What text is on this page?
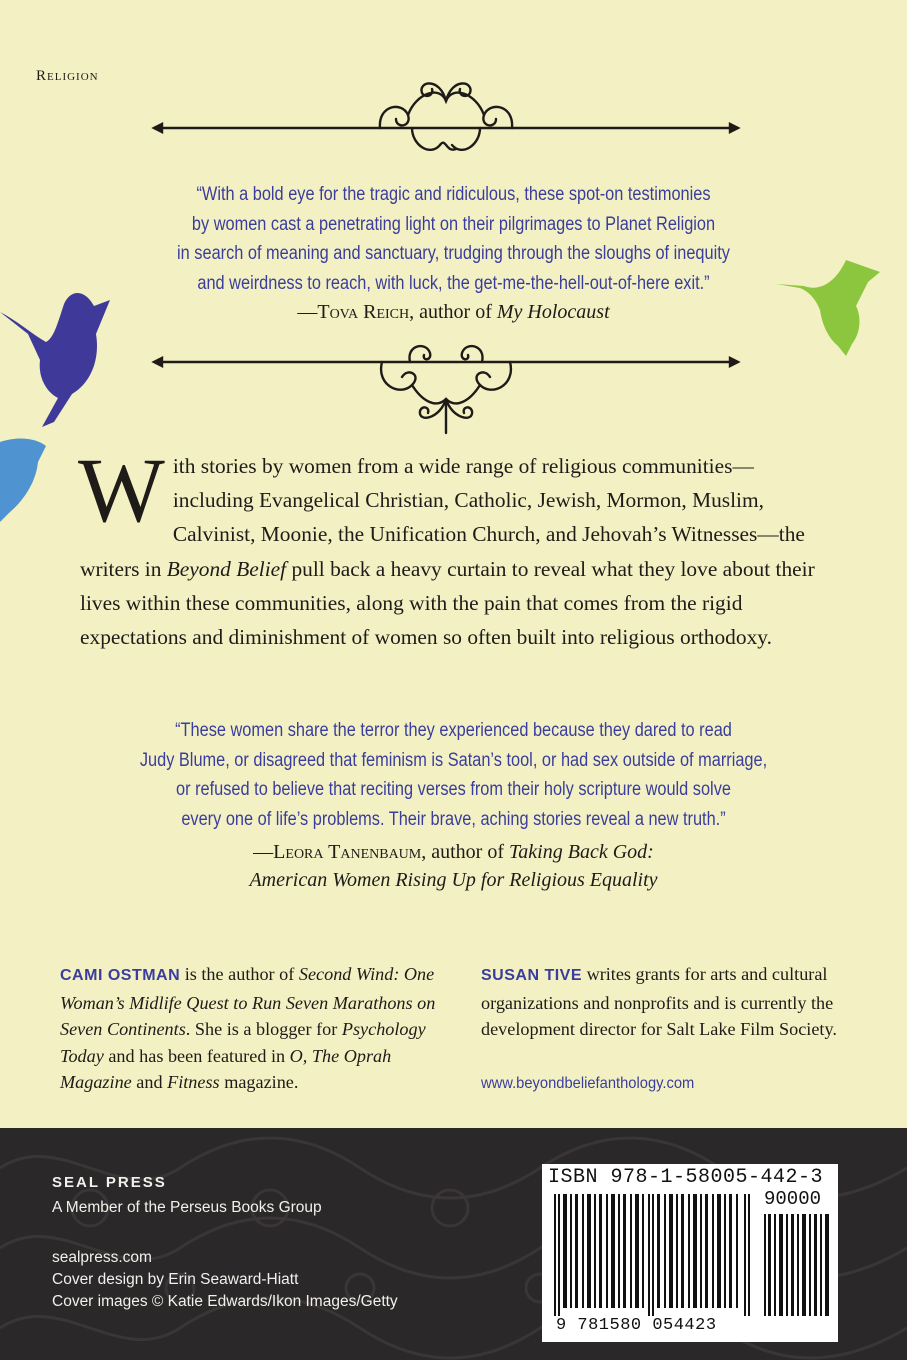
Religion
“With a bold eye for the tragic and ridiculous, these spot-on testimonies
by women cast a penetrating light on their pilgrimages to Planet Religion
in search of meaning and sanctuary, trudging through the sloughs of inequity
and weirdness to reach, with luck, the get-me-the-hell-out-of-here exit.”
—Tova Reich, author of My Holocaust
With stories by women from a wide range of religious communities—including Evangelical Christian, Catholic, Jewish, Mormon, Muslim, Calvinist, Moonie, the Unification Church, and Jehovah’s Witnesses—the writers in Beyond Belief pull back a heavy curtain to reveal what they love about their lives within these communities, along with the pain that comes from the rigid expectations and diminishment of women so often built into religious orthodoxy.
“These women share the terror they experienced because they dared to read
Judy Blume, or disagreed that feminism is Satan’s tool, or had sex outside of marriage,
or refused to believe that reciting verses from their holy scripture would solve
every one of life’s problems. Their brave, aching stories reveal a new truth.”
—Leora Tanenbaum, author of Taking Back God:
American Women Rising Up for Religious Equality
CAMI OSTMAN is the author of Second Wind: One Woman’s Midlife Quest to Run Seven Marathons on Seven Continents. She is a blogger for Psychology Today and has been featured in O, The Oprah Magazine and Fitness magazine.
SUSAN TIVE writes grants for arts and cultural organizations and nonprofits and is currently the development director for Salt Lake Film Society.
www.beyondbeliefanthology.com
SEAL PRESS
A Member of the Perseus Books Group
sealpress.com
Cover design by Erin Seaward-Hiatt
Cover images © Katie Edwards/Ikon Images/Getty
ISBN 978-1-58005-442-3
90000
9 781580 054423
